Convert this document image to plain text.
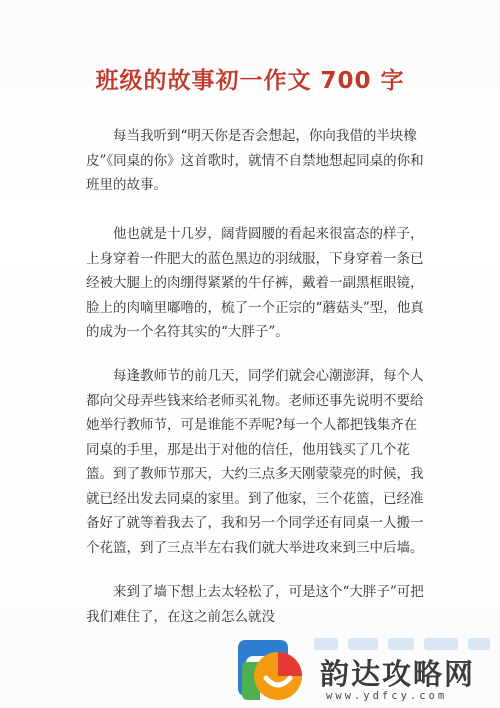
班级的故事初一作文 700 字

每当我听到“明天你是否会想起，你向我借的半块橡皮”《同桌的你》这首歌时，就情不自禁地想起同桌的你和班里的故事。

他也就是十几岁，阔背圆腰的看起来很富态的样子，上身穿着一件肥大的蓝色黑边的羽绒服，下身穿着一条已经被大腿上的肉绷得紧紧的牛仔裤，戴着一副黑框眼镜，脸上的肉嘀里嘟噜的，梳了一个正宗的“蘑菇头”型，他真的成为一个名符其实的“大胖子”。

每逢教师节的前几天，同学们就会心潮澎湃，每个人都向父母弄些钱来给老师买礼物。老师还事先说明不要给她举行教师节，可是谁能不弄呢?每一个人都把钱集齐在同桌的手里，那是出于对他的信任，他用钱买了几个花篮。到了教师节那天，大约三点多天刚蒙蒙亮的时候，我就已经出发去同桌的家里。到了他家，三个花篮，已经准备好了就等着我去了，我和另一个同学还有同桌一人搬一个花篮，到了三点半左右我们就大举进攻来到三中后墙。

来到了墙下想上去太轻松了，可是这个“大胖子”可把我们难住了，在这之前怎么就没

韵达攻略网
www.ydfcy.com
